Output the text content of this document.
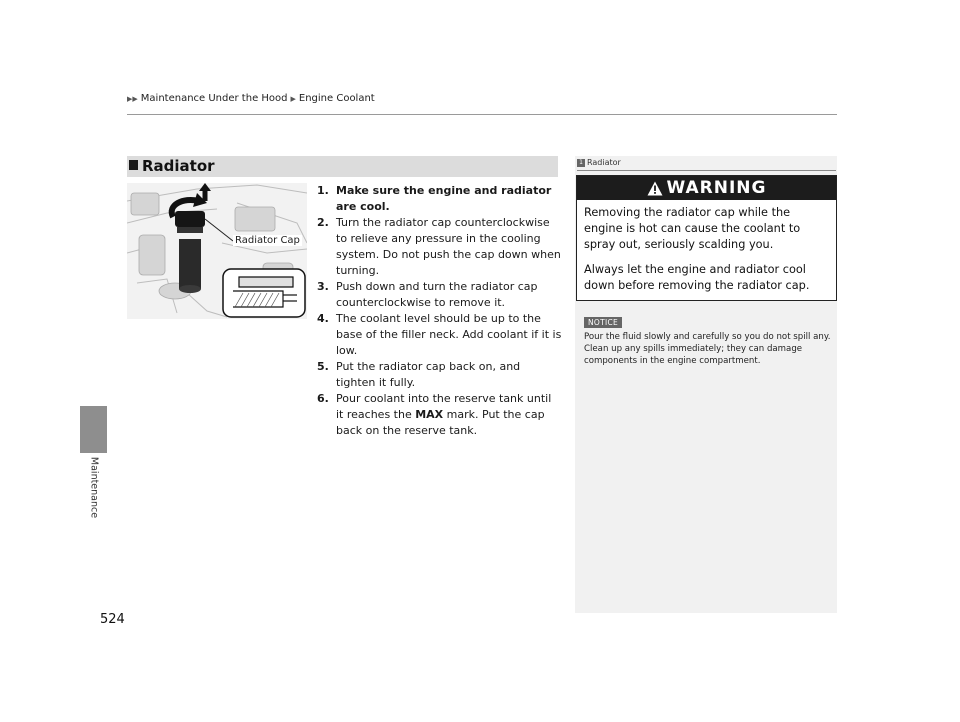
▶▶ Maintenance Under the Hood ▶ Engine Coolant
Maintenance
524
Radiator
Radiator Cap

1. Make sure the engine and radiator are cool.

2. Turn the radiator cap counterclockwise to relieve any pressure in the cooling system. Do not push the cap down when turning.

3. Push down and turn the radiator cap counterclockwise to remove it.

4. The coolant level should be up to the base of the filler neck. Add coolant if it is low.

5. Put the radiator cap back on, and tighten it fully.

6. Pour coolant into the reserve tank until it reaches the MAX mark. Put the cap back on the reserve tank.

1 Radiator
WARNING

Removing the radiator cap while the engine is hot can cause the coolant to spray out, seriously scalding you.

Always let the engine and radiator cool down before removing the radiator cap.

NOTICE
Pour the fluid slowly and carefully so you do not spill any. Clean up any spills immediately; they can damage components in the engine compartment.
